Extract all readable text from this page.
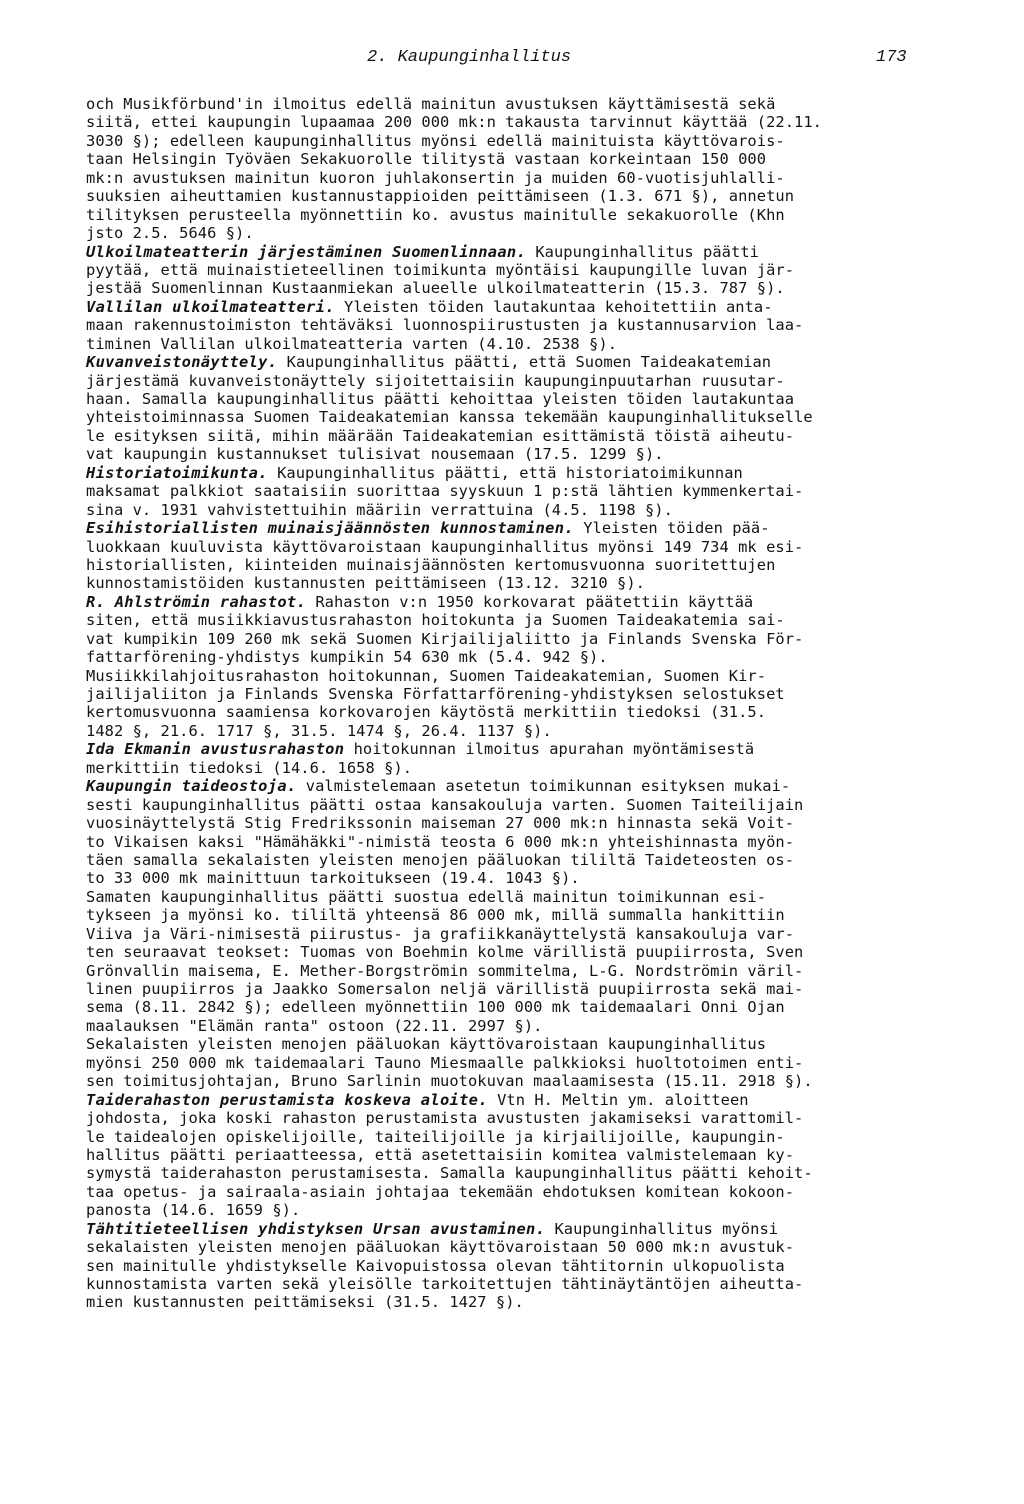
2. Kaupunginhallitus	173
och Musikförbund'in ilmoitus edellä mainitun avustuksen käyttämisestä sekä
siitä, ettei kaupungin lupaamaa 200 000 mk:n takausta tarvinnut käyttää (22.11.
3030 §); edelleen kaupunginhallitus myönsi edellä mainituista käyttövarois-
taan Helsingin Työväen Sekakuorolle tilitystä vastaan korkeintaan 150 000
mk:n avustuksen mainitun kuoron juhlakonsertin ja muiden 60-vuotisjuhlalli-
suuksien aiheuttamien kustannustappioiden peittämiseen (1.3. 671 §), annetun
tilityksen perusteella myönnettiin ko. avustus mainitulle sekakuorolle (Khn
jsto 2.5. 5646 §).
Ulkoilmateatterin järjestäminen Suomenlinnaan. Kaupunginhallitus päätti
pyytää, että muinaistieteellinen toimikunta myöntäisi kaupungille luvan jär-
jestää Suomenlinnan Kustaanmiekan alueelle ulkoilmateatterin (15.3. 787 §).
Vallilan ulkoilmateatteri. Yleisten töiden lautakuntaa kehoitettiin anta-
maan rakennustoimiston tehtäväksi luonnospiirustusten ja kustannusarvion laa-
timinen Vallilan ulkoilmateatteria varten (4.10. 2538 §).
Kuvanveistonäyttely. Kaupunginhallitus päätti, että Suomen Taideakatemian
järjestämä kuvanveistonäyttely sijoitettaisiin kaupunginpuutarhan ruusutar-
haan. Samalla kaupunginhallitus päätti kehoittaa yleisten töiden lautakuntaa
yhteistoiminnassa Suomen Taideakatemian kanssa tekemään kaupunginhallitukselle
le esityksen siitä, mihin määrään Taideakatemian esittämistä töistä aiheutu-
vat kaupungin kustannukset tulisivat nousemaan (17.5. 1299 §).
Historiatoimikunta. Kaupunginhallitus päätti, että historiatoimikunnan
maksamat palkkiot saataisiin suorittaa syyskuun 1 p:stä lähtien kymmenkertai-
sina v. 1931 vahvistettuihin määriin verrattuina (4.5. 1198 §).
Esihistoriallisten muinaisjäännösten kunnostaminen. Yleisten töiden pää-
luokkaan kuuluvista käyttövaroistaan kaupunginhallitus myönsi 149 734 mk esi-
historiallisten, kiinteiden muinaisjäännösten kertomusvuonna suoritettujen
kunnostamistöiden kustannusten peittämiseen (13.12. 3210 §).
R. Ahlströmin rahastot. Rahaston v:n 1950 korkovarat päätettiin käyttää
siten, että musiikkiavustusrahaston hoitokunta ja Suomen Taideakatemia sai-
vat kumpikin 109 260 mk sekä Suomen Kirjailijaliitto ja Finlands Svenska För-
fattarförening-yhdistys kumpikin 54 630 mk (5.4. 942 §).
Musiikkilahjoitusrahaston hoitokunnan, Suomen Taideakatemian, Suomen Kir-
jailijaliiton ja Finlands Svenska Författarförening-yhdistyksen selostukset
kertomusvuonna saamiensa korkovarojen käytöstä merkittiin tiedoksi (31.5.
1482 §, 21.6. 1717 §, 31.5. 1474 §, 26.4. 1137 §).
Ida Ekmanin avustusrahaston hoitokunnan ilmoitus apurahan myöntämisestä
merkittiin tiedoksi (14.6. 1658 §).
Kaupungin taideostoja. valmistelemaan asetetun toimikunnan esityksen mukai-
sesti kaupunginhallitus päätti ostaa kansakouluja varten. Suomen Taiteilijain
vuosinäyttelystä Stig Fredrikssonin maiseman 27 000 mk:n hinnasta sekä Voit-
to Vikaisen kaksi "Hämähäkki"-nimistä teosta 6 000 mk:n yhteishinnasta myön-
täen samalla sekalaisten yleisten menojen pääluokan tililtä Taideteosten os-
to 33 000 mk mainittuun tarkoitukseen (19.4. 1043 §).
Samaten kaupunginhallitus päätti suostua edellä mainitun toimikunnan esi-
tykseen ja myönsi ko. tililtä yhteensä 86 000 mk, millä summalla hankittiin
Viiva ja Väri-nimisestä piirustus- ja grafiikkanäyttelystä kansakouluja var-
ten seuraavat teokset: Tuomas von Boehmin kolme värillistä puupiirrosta, Sven
Grönvallin maisema, E. Mether-Borgströmin sommitelma, L-G. Nordströmin väril-
linen puupiirros ja Jaakko Somersalon neljä värillistä puupiirrosta sekä mai-
sema (8.11. 2842 §); edelleen myönnettiin 100 000 mk taidemaalari Onni Ojan
maalauksen "Elämän ranta" ostoon (22.11. 2997 §).
Sekalaisten yleisten menojen pääluokan käyttövaroistaan kaupunginhallitus
myönsi 250 000 mk taidemaalari Tauno Miesmaalle palkkioksi huoltotoimen enti-
sen toimitusjohtajan, Bruno Sarlinin muotokuvan maalaamisesta (15.11. 2918 §).
Taiderahaston perustamista koskeva aloite. Vtn H. Meltin ym. aloitteen
johdosta, joka koski rahaston perustamista avustusten jakamiseksi varattomil-
le taidealojen opiskelijoille, taiteilijoille ja kirjailijoille, kaupungin-
hallitus päätti periaatteessa, että asetettaisiin komitea valmistelemaan ky-
symystä taiderahaston perustamisesta. Samalla kaupunginhallitus päätti kehoit-
taa opetus- ja sairaala-asiain johtajaa tekemään ehdotuksen komitean kokoon-
panosta (14.6. 1659 §).
Tähtitieteellisen yhdistyksen Ursan avustaminen. Kaupunginhallitus myönsi
sekalaisten yleisten menojen pääluokan käyttövaroistaan 50 000 mk:n avustuk-
sen mainitulle yhdistykselle Kaivopuistossa olevan tähtitornin ulkopuolista
kunnostamista varten sekä yleisölle tarkoitettujen tähtinäytäntöjen aiheutta-
mien kustannusten peittämiseksi (31.5. 1427 §).
